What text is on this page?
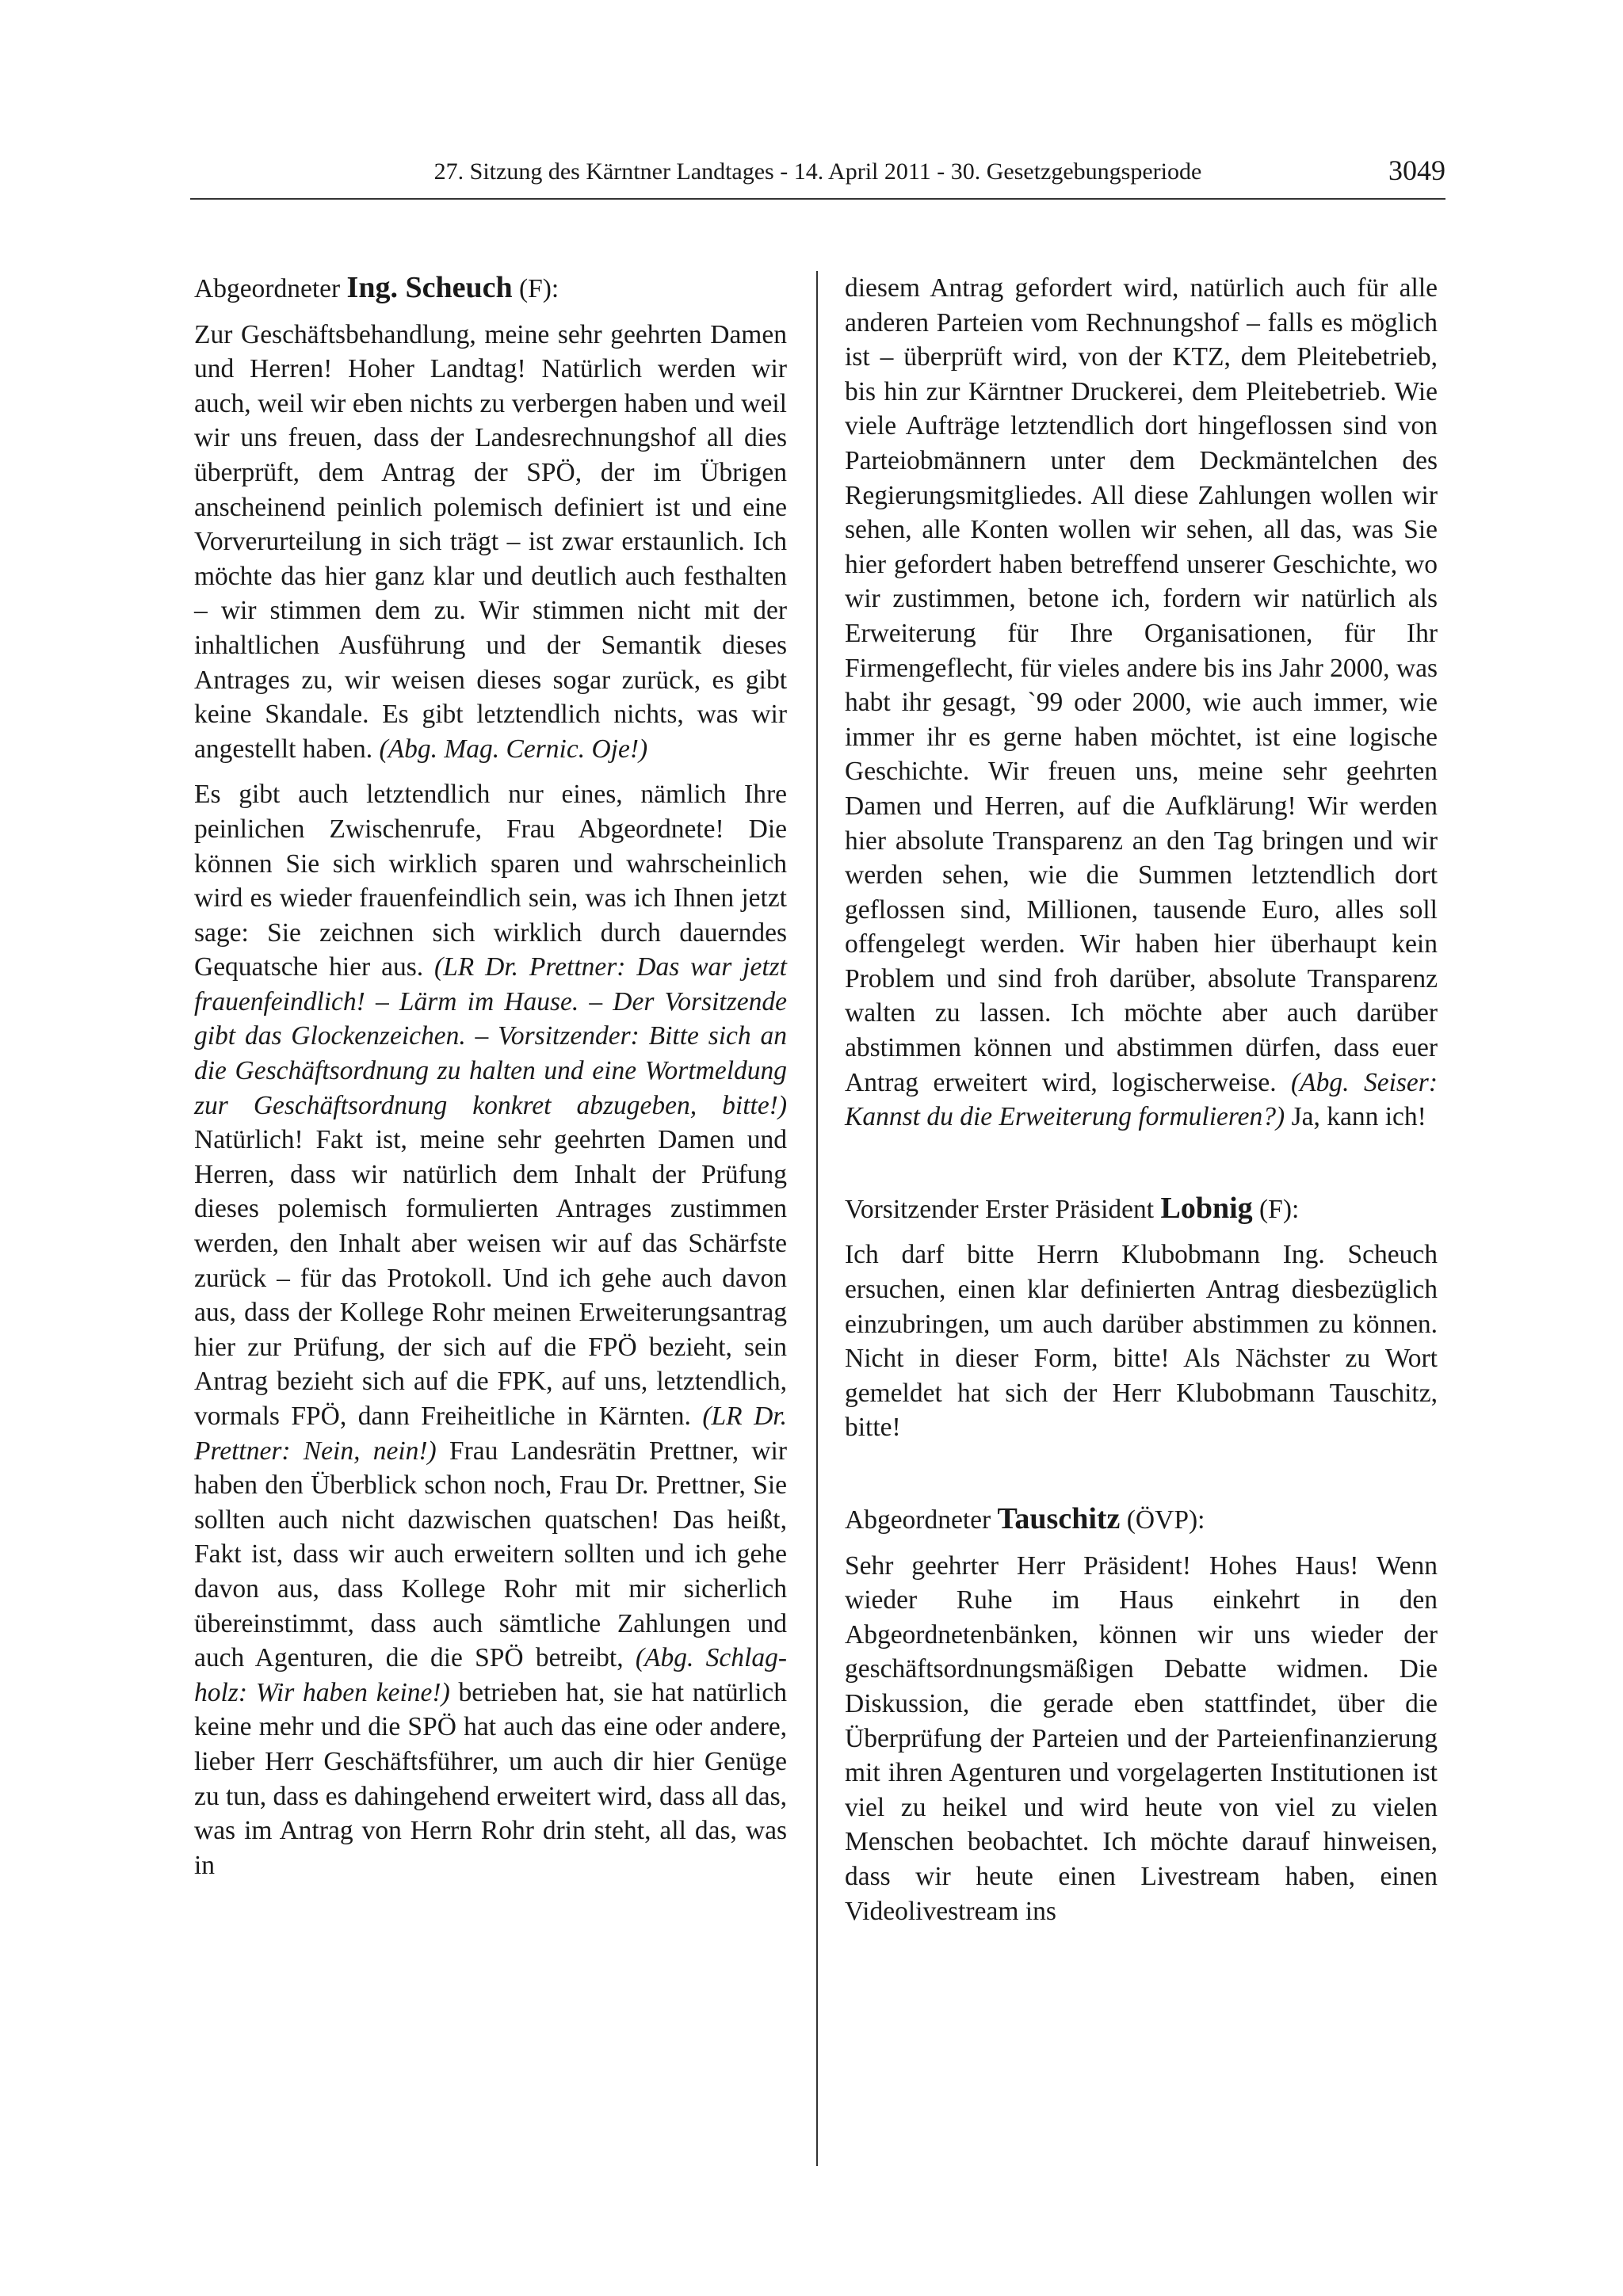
27. Sitzung des Kärntner Landtages - 14. April 2011 - 30. Gesetzgebungsperiode	3049

Abgeordneter Ing. Scheuch (F):

Zur Geschäftsbehandlung, meine sehr geehrten Damen und Herren! Hoher Landtag! Natürlich werden wir auch, weil wir eben nichts zu verbergen haben und weil wir uns freuen, dass der Landesrechnungshof all dies überprüft, dem Antrag der SPÖ, der im Übrigen anscheinend peinlich polemisch definiert ist und eine Vorverurteilung in sich trägt – ist zwar erstaunlich. Ich möchte das hier ganz klar und deutlich auch festhalten – wir stimmen dem zu. Wir stimmen nicht mit der inhaltlichen Ausführung und der Semantik dieses Antrages zu, wir weisen dieses sogar zurück, es gibt keine Skandale. Es gibt letztendlich nichts, was wir angestellt haben. (Abg. Mag. Cernic. Oje!)

Es gibt auch letztendlich nur eines, nämlich Ihre peinlichen Zwischenrufe, Frau Abgeordnete! Die können Sie sich wirklich sparen und wahrscheinlich wird es wieder frauenfeindlich sein, was ich Ihnen jetzt sage: Sie zeichnen sich wirklich durch dauerndes Gequatsche hier aus. (LR Dr. Prettner: Das war jetzt frauenfeindlich! – Lärm im Hause. – Der Vorsitzende gibt das Glockenzeichen. – Vorsitzender: Bitte sich an die Geschäftsordnung zu halten und eine Wortmeldung zur Geschäftsordnung konkret abzugeben, bitte!) Natürlich! Fakt ist, meine sehr geehrten Damen und Herren, dass wir natürlich dem Inhalt der Prüfung dieses polemisch formulierten Antrages zustimmen werden, den Inhalt aber weisen wir auf das Schärfste zurück – für das Protokoll. Und ich gehe auch davon aus, dass der Kollege Rohr meinen Erweiterungsantrag hier zur Prüfung, der sich auf die FPÖ bezieht, sein Antrag bezieht sich auf die FPK, auf uns, letztendlich, vormals FPÖ, dann Freiheitliche in Kärnten. (LR Dr. Prettner: Nein, nein!) Frau Landesrätin Prettner, wir haben den Überblick schon noch, Frau Dr. Prettner, Sie sollten auch nicht dazwischen quatschen! Das heißt, Fakt ist, dass wir auch erweitern sollten und ich gehe davon aus, dass Kollege Rohr mit mir sicherlich übereinstimmt, dass auch sämtliche Zahlungen und auch Agenturen, die die SPÖ betreibt, (Abg. Schlagholz: Wir haben keine!) betrieben hat, sie hat natürlich keine mehr und die SPÖ hat auch das eine oder andere, lieber Herr Geschäftsführer, um auch dir hier Genüge zu tun, dass es dahingehend erweitert wird, dass all das, was im Antrag von Herrn Rohr drin steht, all das, was in

diesem Antrag gefordert wird, natürlich auch für alle anderen Parteien vom Rechnungshof – falls es möglich ist – überprüft wird, von der KTZ, dem Pleitebetrieb, bis hin zur Kärntner Druckerei, dem Pleitebetrieb. Wie viele Aufträge letztendlich dort hingeflossen sind von Parteiobmännern unter dem Deckmäntelchen des Regierungsmitgliedes. All diese Zahlungen wollen wir sehen, alle Konten wollen wir sehen, all das, was Sie hier gefordert haben betreffend unserer Geschichte, wo wir zustimmen, betone ich, fordern wir natürlich als Erweiterung für Ihre Organisationen, für Ihr Firmengeflecht, für vieles andere bis ins Jahr 2000, was habt ihr gesagt, `99 oder 2000, wie auch immer, wie immer ihr es gerne haben möchtet, ist eine logische Geschichte. Wir freuen uns, meine sehr geehrten Damen und Herren, auf die Aufklärung! Wir werden hier absolute Transparenz an den Tag bringen und wir werden sehen, wie die Summen letztendlich dort geflossen sind, Millionen, tausende Euro, alles soll offengelegt werden. Wir haben hier überhaupt kein Problem und sind froh darüber, absolute Transparenz walten zu lassen. Ich möchte aber auch darüber abstimmen können und abstimmen dürfen, dass euer Antrag erweitert wird, logischerweise. (Abg. Seiser: Kannst du die Erweiterung formulieren?) Ja, kann ich!

Vorsitzender Erster Präsident Lobnig (F):

Ich darf bitte Herrn Klubobmann Ing. Scheuch ersuchen, einen klar definierten Antrag diesbezüglich einzubringen, um auch darüber abstimmen zu können. Nicht in dieser Form, bitte! Als Nächster zu Wort gemeldet hat sich der Herr Klubobmann Tauschitz, bitte!

Abgeordneter Tauschitz (ÖVP):

Sehr geehrter Herr Präsident! Hohes Haus! Wenn wieder Ruhe im Haus einkehrt in den Abgeordnetenbänken, können wir uns wieder der geschäftsordnungsmäßigen Debatte widmen. Die Diskussion, die gerade eben stattfindet, über die Überprüfung der Parteien und der Parteienfinanzierung mit ihren Agenturen und vorgelagerten Institutionen ist viel zu heikel und wird heute von viel zu vielen Menschen beobachtet. Ich möchte darauf hinweisen, dass wir heute einen Livestream haben, einen Videolivestream ins
